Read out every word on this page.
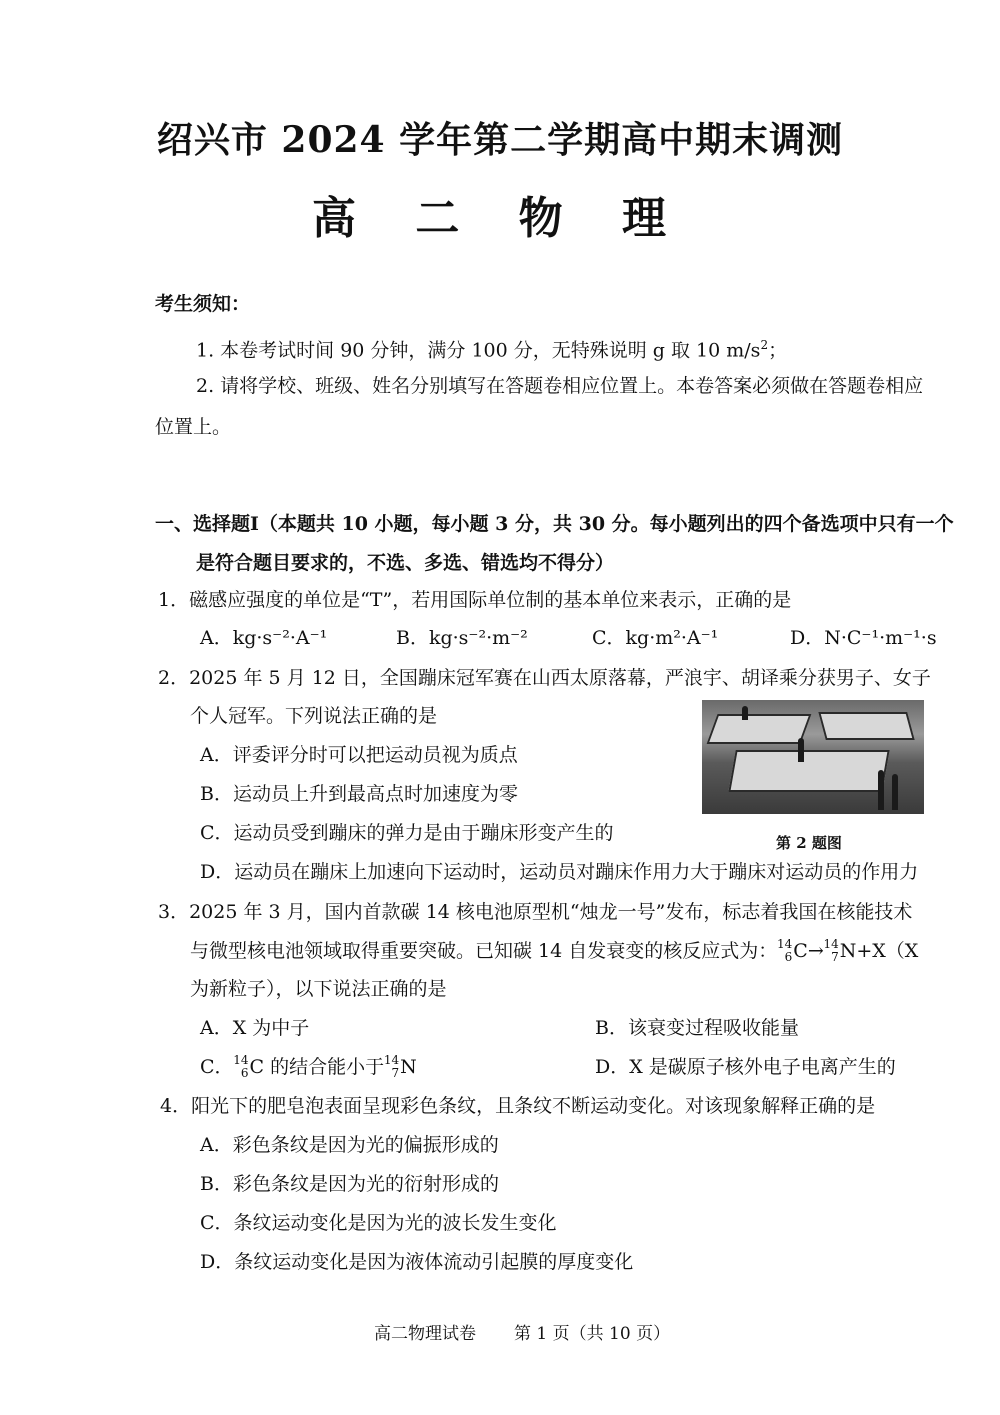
绍兴市 2024 学年第二学期高中期末调测
高 二 物 理
考生须知：
1. 本卷考试时间 90 分钟，满分 100 分，无特殊说明 g 取 10 $m/s^2$；
2. 请将学校、班级、姓名分别填写在答题卷相应位置上。本卷答案必须做在答题卷相应
位置上。
一、选择题Ⅰ（本题共 10 小题，每小题 3 分，共 30 分。每小题列出的四个备选项中只有一个
是符合题目要求的，不选、多选、错选均不得分）
1．磁感应强度的单位是“T”，若用国际单位制的基本单位来表示，正确的是
A．kg·s⁻²·A⁻¹	B．kg·s⁻²·m⁻²	C．kg·m²·A⁻¹	D．N·C⁻¹·m⁻¹·s
2．2025 年 5 月 12 日，全国蹦床冠军赛在山西太原落幕，严浪宇、胡译乘分获男子、女子
个人冠军。下列说法正确的是
A．评委评分时可以把运动员视为质点
B．运动员上升到最高点时加速度为零
C．运动员受到蹦床的弹力是由于蹦床形变产生的
D．运动员在蹦床上加速向下运动时，运动员对蹦床作用力大于蹦床对运动员的作用力
第 2 题图
3．2025 年 3 月，国内首款碳 14 核电池原型机“烛龙一号”发布，标志着我国在核能技术
与微型核电池领域取得重要突破。已知碳 14 自发衰变的核反应式为： 14
6 C→ 14
7 N+X（X
为新粒子），以下说法正确的是
A．X 为中子	B．该衰变过程吸收能量
C． 14
6 C 的结合能小于 14
7 N	D．X 是碳原子核外电子电离产生的
4．阳光下的肥皂泡表面呈现彩色条纹，且条纹不断运动变化。对该现象解释正确的是
A．彩色条纹是因为光的偏振形成的
B．彩色条纹是因为光的衍射形成的
C．条纹运动变化是因为光的波长发生变化
D．条纹运动变化是因为液体流动引起膜的厚度变化
高二物理试卷 第 1 页（共 10 页）
